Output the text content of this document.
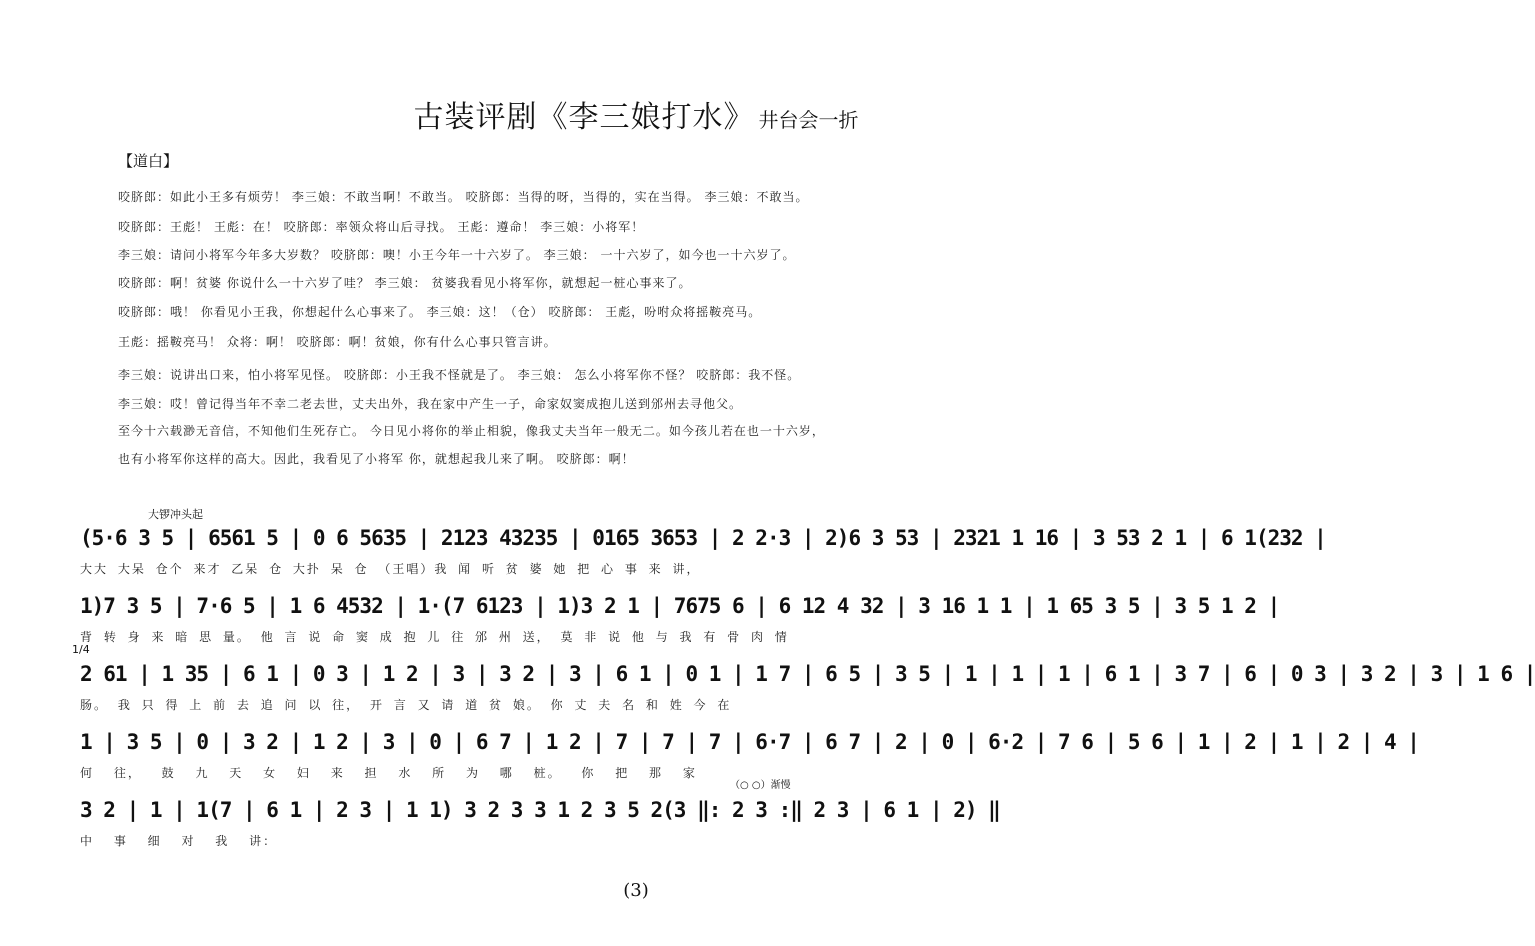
古装评剧《李三娘打水》 井台会一折
【道白】
咬脐郎：如此小王多有烦劳！ 李三娘：不敢当啊！不敢当。 咬脐郎：当得的呀，当得的，实在当得。 李三娘：不敢当。
咬脐郎：王彪！ 王彪：在！ 咬脐郎：率领众将山后寻找。 王彪：遵命！ 李三娘：小将军！
李三娘：请问小将军今年多大岁数？ 咬脐郎：噢！小王今年一十六岁了。 李三娘： 一十六岁了，如今也一十六岁了。
咬脐郎：啊！贫婆 你说什么一十六岁了哇？ 李三娘： 贫婆我看见小将军你，就想起一桩心事来了。
咬脐郎：哦！ 你看见小王我，你想起什么心事来了。 李三娘：这！（仓） 咬脐郎： 王彪，吩咐众将摇鞍亮马。
王彪：摇鞍亮马！ 众将：啊！ 咬脐郎：啊！贫娘，你有什么心事只管言讲。
李三娘：说讲出口来，怕小将军见怪。 咬脐郎：小王我不怪就是了。 李三娘： 怎么小将军你不怪？ 咬脐郎：我不怪。
李三娘：哎！曾记得当年不幸二老去世，丈夫出外，我在家中产生一子，命家奴窦成抱儿送到邠州去寻他父。
至今十六载渺无音信，不知他们生死存亡。 今日见小将你的举止相貌，像我丈夫当年一般无二。如今孩儿若在也一十六岁，
也有小将军你这样的高大。因此，我看见了小将军 你，就想起我儿来了啊。 咬脐郎：啊！
大锣冲头起
(5·6 3 5 | 6561 5 | 0 6 5635 | 2123 43235 | 0165 3653 | 2 2·3 | 2)6 3 53 | 2321 1 16 | 3 53 2 1 | 6 1(232 |
大大 大呆 仓个 来才 乙呆 仓 大扑 呆 仓 （王唱）我 闻 听 贫 婆 她 把 心 事 来 讲，
1)7 3 5 | 7·6 5 | 1 6 4532 | 1·(7 6123 | 1)3 2 1 | 7675 6 | 6 12 4 32 | 3 16 1 1 | 1 65 3 5 | 3 5 1 2 |
背 转 身 来 暗 思 量。 他 言 说 命 窦 成 抱 儿 往 邠 州 送， 莫 非 说 他 与 我 有 骨 肉 情
1/4
2 61 | 1 35 | 6 1 | 0 3 | 1 2 | 3 | 3 2 | 3 | 6 1 | 0 1 | 1 7 | 6 5 | 3 5 | 1 | 1 | 1 | 6 1 | 3 7 | 6 | 0 3 | 3 2 | 3 | 1 6 |
肠。 我 只 得 上 前 去 追 问 以 往， 开 言 又 请 道 贫 娘。 你 丈 夫 名 和 姓 今 在
1 | 3 5 | 0 | 3 2 | 1 2 | 3 | 0 | 6 7 | 1 2 | 7 | 7 | 7 | 6·7 | 6 7 | 2 | 0 | 6·2 | 7 6 | 5 6 | 1 | 2 | 1 | 2 | 4 |
何 往， 鼓 九 天 女 妇 来 担 水 所 为 哪 桩。 你 把 那 家
（○ ○）渐慢
3 2 | 1 | 1(7 | 6 1 | 2 3 | 1 1) 3 2 3 3 1 2 3 5 2(3 ‖: 2 3 :‖ 2 3 | 6 1 | 2) ‖
中 事 细 对 我 讲：
(3)
